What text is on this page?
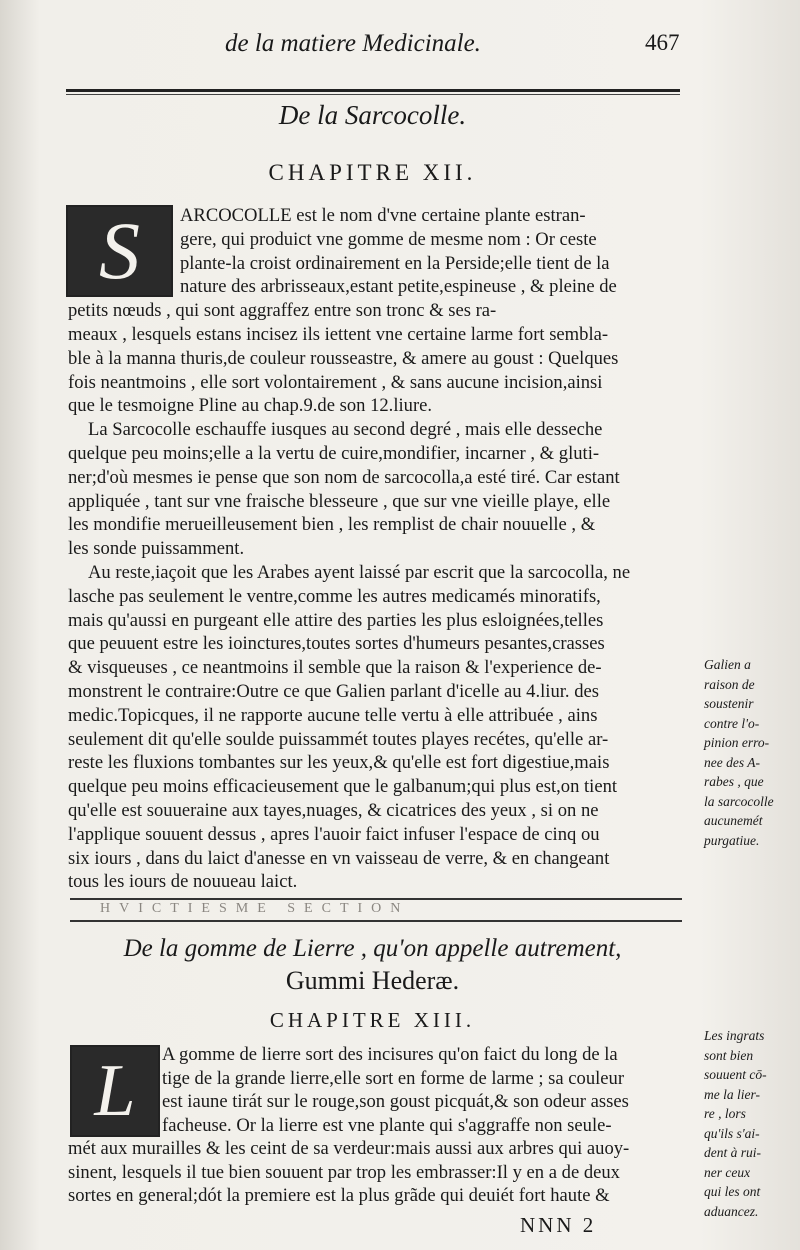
de la matiere Medicinale.	467
De la Sarcocolle.
CHAPITRE XII.
S	ARCOCOLLE est le nom d'vne certaine plante estran-
gere, qui produict vne gomme de mesme nom : Or ceste
plante-la croist ordinairement en la Perside;elle tient de la
nature des arbrisseaux,estant petite,espineuse , & pleine de
petits nœuds , qui sont aggraffez entre son tronc & ses ra-
meaux , lesquels estans incisez ils iettent vne certaine larme fort sembla-
ble à la manna thuris,de couleur rousseastre, & amere au goust : Quelques
fois neantmoins , elle sort volontairement , & sans aucune incision,ainsi
que le tesmoigne Pline au chap.9.de son 12.liure.
La Sarcocolle eschauffe iusques au second degré , mais elle desseche
quelque peu moins;elle a la vertu de cuire,mondifier, incarner , & gluti-
ner;d'où mesmes ie pense que son nom de sarcocolla,a esté tiré. Car estant
appliquée , tant sur vne fraische blesseure , que sur vne vieille playe, elle
les mondifie merueilleusement bien , les remplist de chair nouuelle , &
les sonde puissamment.
Au reste,iaçoit que les Arabes ayent laissé par escrit que la sarcocolla, ne
lasche pas seulement le ventre,comme les autres medicamés minoratifs,
mais qu'aussi en purgeant elle attire des parties les plus esloignées,telles
que peuuent estre les ioinctures,toutes sortes d'humeurs pesantes,crasses
& visqueuses , ce neantmoins il semble que la raison & l'experience de-
monstrent le contraire:Outre ce que Galien parlant d'icelle au 4.liur. des
medic.Topicques, il ne rapporte aucune telle vertu à elle attribuée , ains
seulement dit qu'elle soulde puissammét toutes playes recétes, qu'elle ar-
reste les fluxions tombantes sur les yeux,& qu'elle est fort digestiue,mais
quelque peu moins efficacieusement que le galbanum;qui plus est,on tient
qu'elle est souueraine aux tayes,nuages, & cicatrices des yeux , si on ne
l'applique souuent dessus , apres l'auoir faict infuser l'espace de cinq ou
six iours , dans du laict d'anesse en vn vaisseau de verre, & en changeant
tous les iours de nouueau laict.
Galien a
raison de
soustenir
contre l'o-
pinion erro-
nee des A-
rabes , que
la sarcocolle
aucunemét
purgatiue.
HVICTIESME SECTION
De la gomme de Lierre , qu'on appelle autrement,
Gummi Hederæ.
CHAPITRE XIII.
L	A gomme de lierre sort des incisures qu'on faict du long de la
tige de la grande lierre,elle sort en forme de larme ; sa couleur
est iaune tirát sur le rouge,son goust picquát,& son odeur asses
facheuse. Or la lierre est vne plante qui s'aggraffe non seule-
mét aux murailles & les ceint de sa verdeur:mais aussi aux arbres qui auoy-
sinent, lesquels il tue bien souuent par trop les embrasser:Il y en a de deux
sortes en general;dót la premiere est la plus grãde qui deuiét fort haute &
Les ingrats
sont bien
souuent cō-
me la lier-
re , lors
qu'ils s'ai-
dent à rui-
ner ceux
qui les ont
aduancez.
NNN 2
